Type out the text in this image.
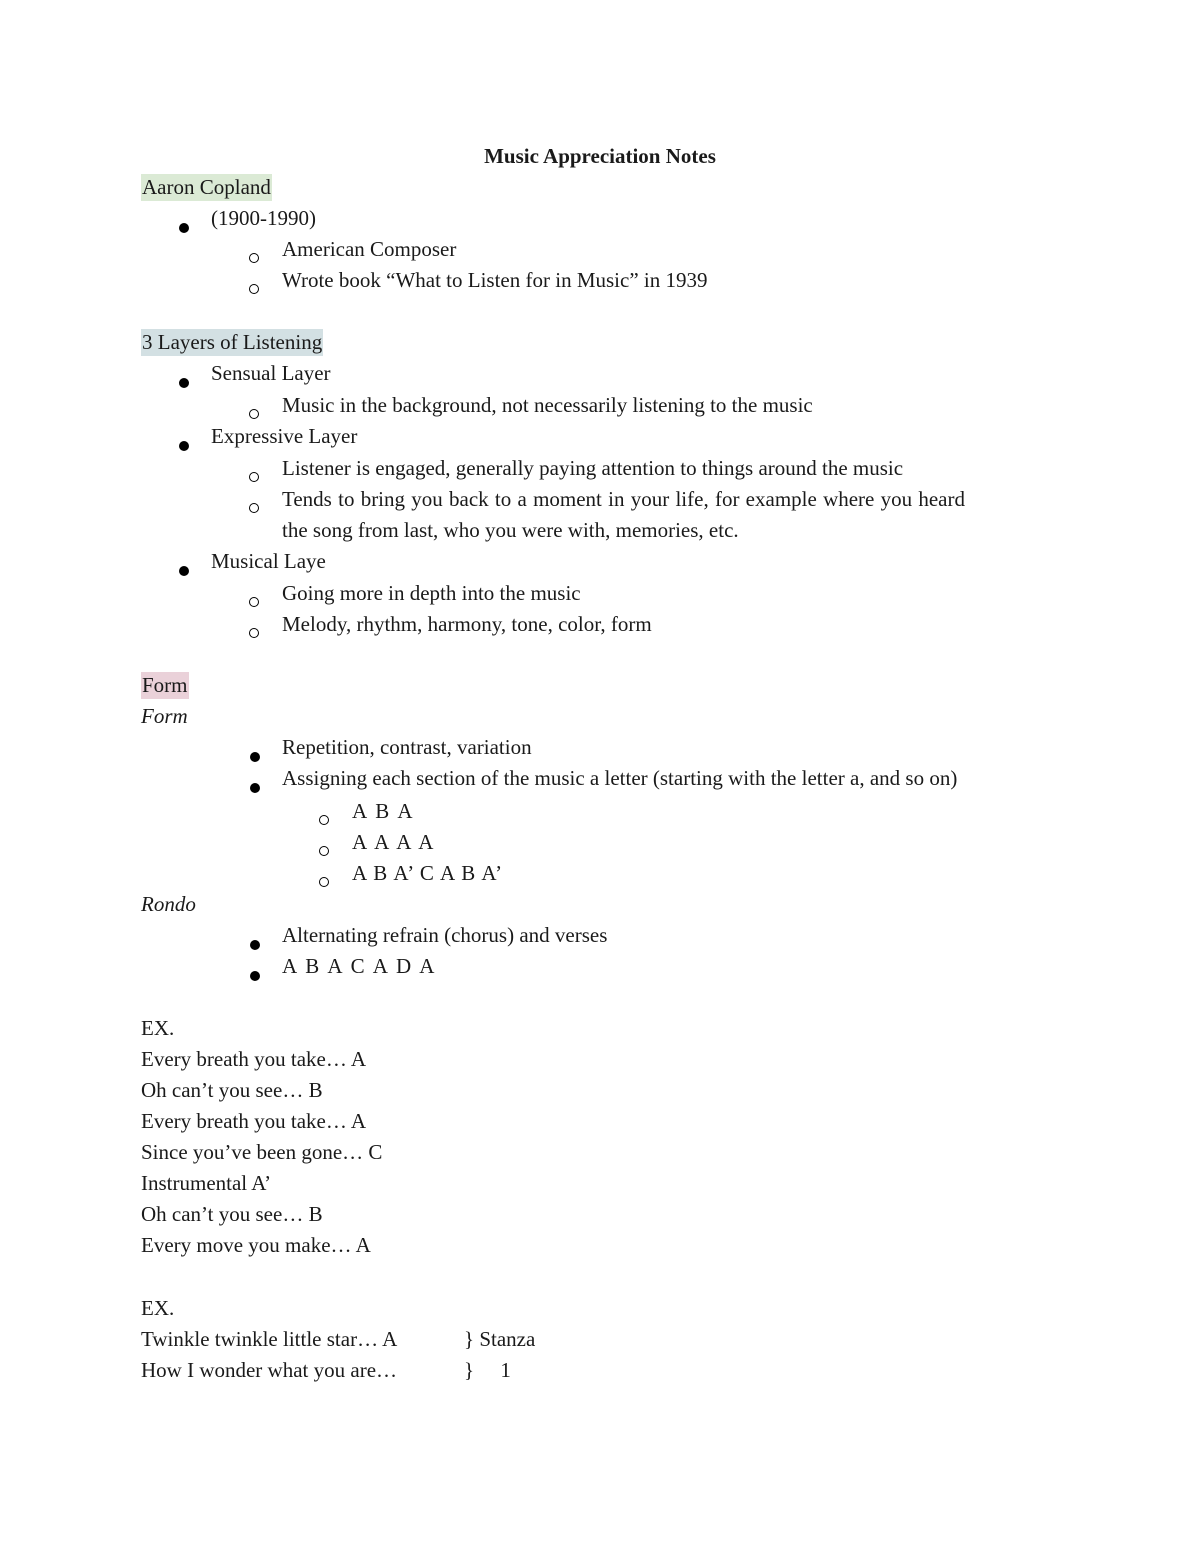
Music Appreciation Notes
Aaron Copland
(1900-1990)
American Composer
Wrote book “What to Listen for in Music” in 1939
3 Layers of Listening
Sensual Layer
Music in the background, not necessarily listening to the music
Expressive Layer
Listener is engaged, generally paying attention to things around the music
Tends to bring you back to a moment in your life, for example where you heard
the song from last, who you were with, memories, etc.
Musical Laye
Going more in depth into the music
Melody, rhythm, harmony, tone, color, form
Form
Form
Repetition, contrast, variation
Assigning each section of the music a letter (starting with the letter a, and so on)
A B A
A A A A
A B A’ C A B A’
Rondo
Alternating refrain (chorus) and verses
A B A C A D A
EX.
Every breath you take… A
Oh can’t you see… B
Every breath you take… A
Since you’ve been gone… C
Instrumental A’
Oh can’t you see… B
Every move you make… A
EX.
Twinkle twinkle little star… A	} Stanza
How I wonder what you are…	}     1
